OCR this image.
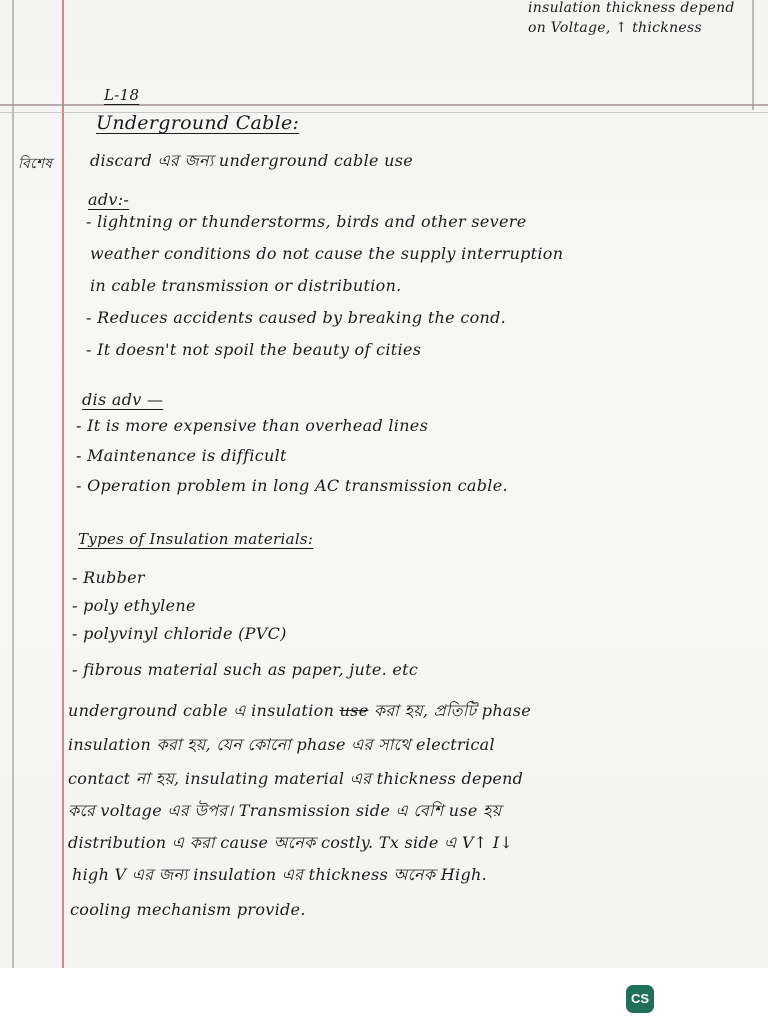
insulation thickness depend
on Voltage, ↑ thickness
L-18
Underground Cable:
বিশেষ discard এর জন্য underground cable use
adv:-
- lightning or thunderstorms, birds and other severe
weather conditions do not cause the supply interruption
in cable transmission or distribution.
- Reduces accidents caused by breaking the cond.
- It doesn't not spoil the beauty of cities
dis adv —
- It is more expensive than overhead lines
- Maintenance is difficult
- Operation problem in long AC transmission cable.
Types of Insulation materials:
- Rubber
- poly ethylene
- polyvinyl chloride (PVC)
- fibrous material such as paper, jute. etc
underground cable এ insulation use করা হয়, প্রতিটি phase
insulation করা হয়, যেন কোনো phase এর সাথে electrical
contact না হয়, insulating material এর thickness depend
করে voltage এর উপর। Transmission side এ বেশি use হয়
distribution এ করা cause অনেক costly. Tx side এ V↑ I↓
high V এর জন্য insulation এর thickness অনেক High.
cooling mechanism provide.
CS
